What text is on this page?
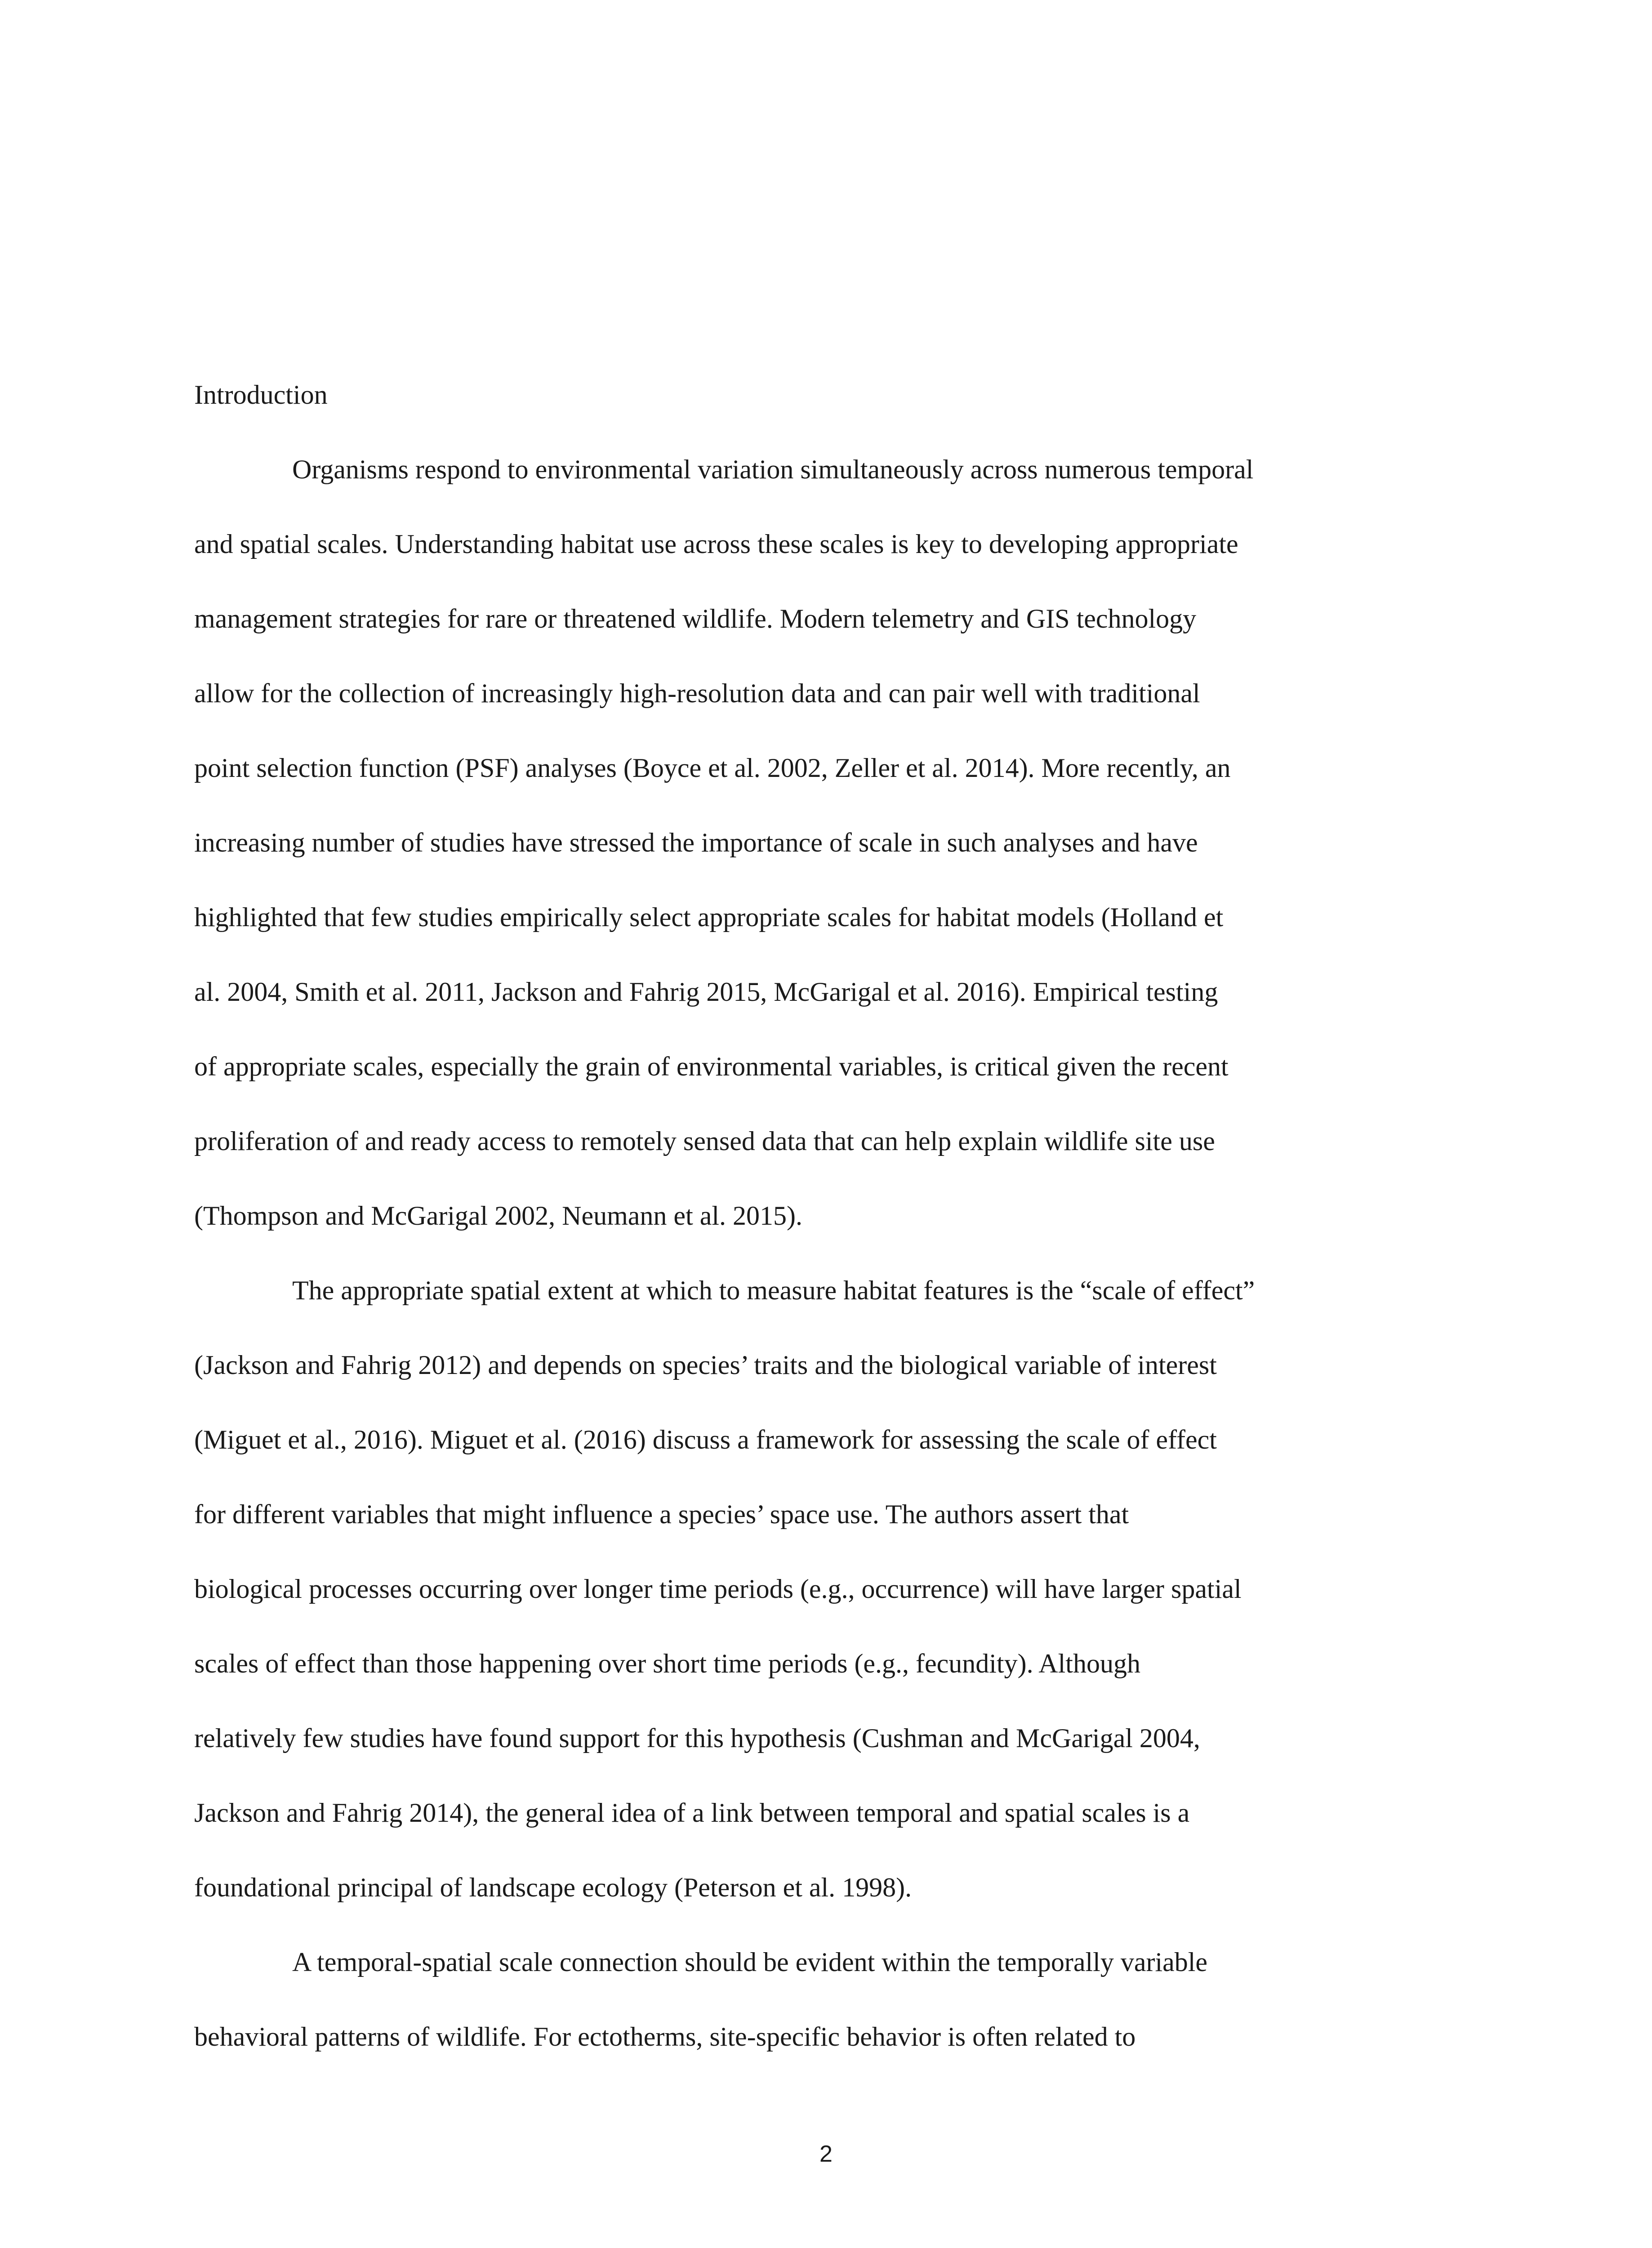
Introduction

Organisms respond to environmental variation simultaneously across numerous temporal
and spatial scales. Understanding habitat use across these scales is key to developing appropriate
management strategies for rare or threatened wildlife. Modern telemetry and GIS technology
allow for the collection of increasingly high-resolution data and can pair well with traditional
point selection function (PSF) analyses (Boyce et al. 2002, Zeller et al. 2014). More recently, an
increasing number of studies have stressed the importance of scale in such analyses and have
highlighted that few studies empirically select appropriate scales for habitat models (Holland et
al. 2004, Smith et al. 2011, Jackson and Fahrig 2015, McGarigal et al. 2016). Empirical testing
of appropriate scales, especially the grain of environmental variables, is critical given the recent
proliferation of and ready access to remotely sensed data that can help explain wildlife site use
(Thompson and McGarigal 2002, Neumann et al. 2015).

The appropriate spatial extent at which to measure habitat features is the “scale of effect”
(Jackson and Fahrig 2012) and depends on species’ traits and the biological variable of interest
(Miguet et al., 2016). Miguet et al. (2016) discuss a framework for assessing the scale of effect
for different variables that might influence a species’ space use. The authors assert that
biological processes occurring over longer time periods (e.g., occurrence) will have larger spatial
scales of effect than those happening over short time periods (e.g., fecundity). Although
relatively few studies have found support for this hypothesis (Cushman and McGarigal 2004,
Jackson and Fahrig 2014), the general idea of a link between temporal and spatial scales is a
foundational principal of landscape ecology (Peterson et al. 1998).

A temporal-spatial scale connection should be evident within the temporally variable
behavioral patterns of wildlife. For ectotherms, site-specific behavior is often related to

2
